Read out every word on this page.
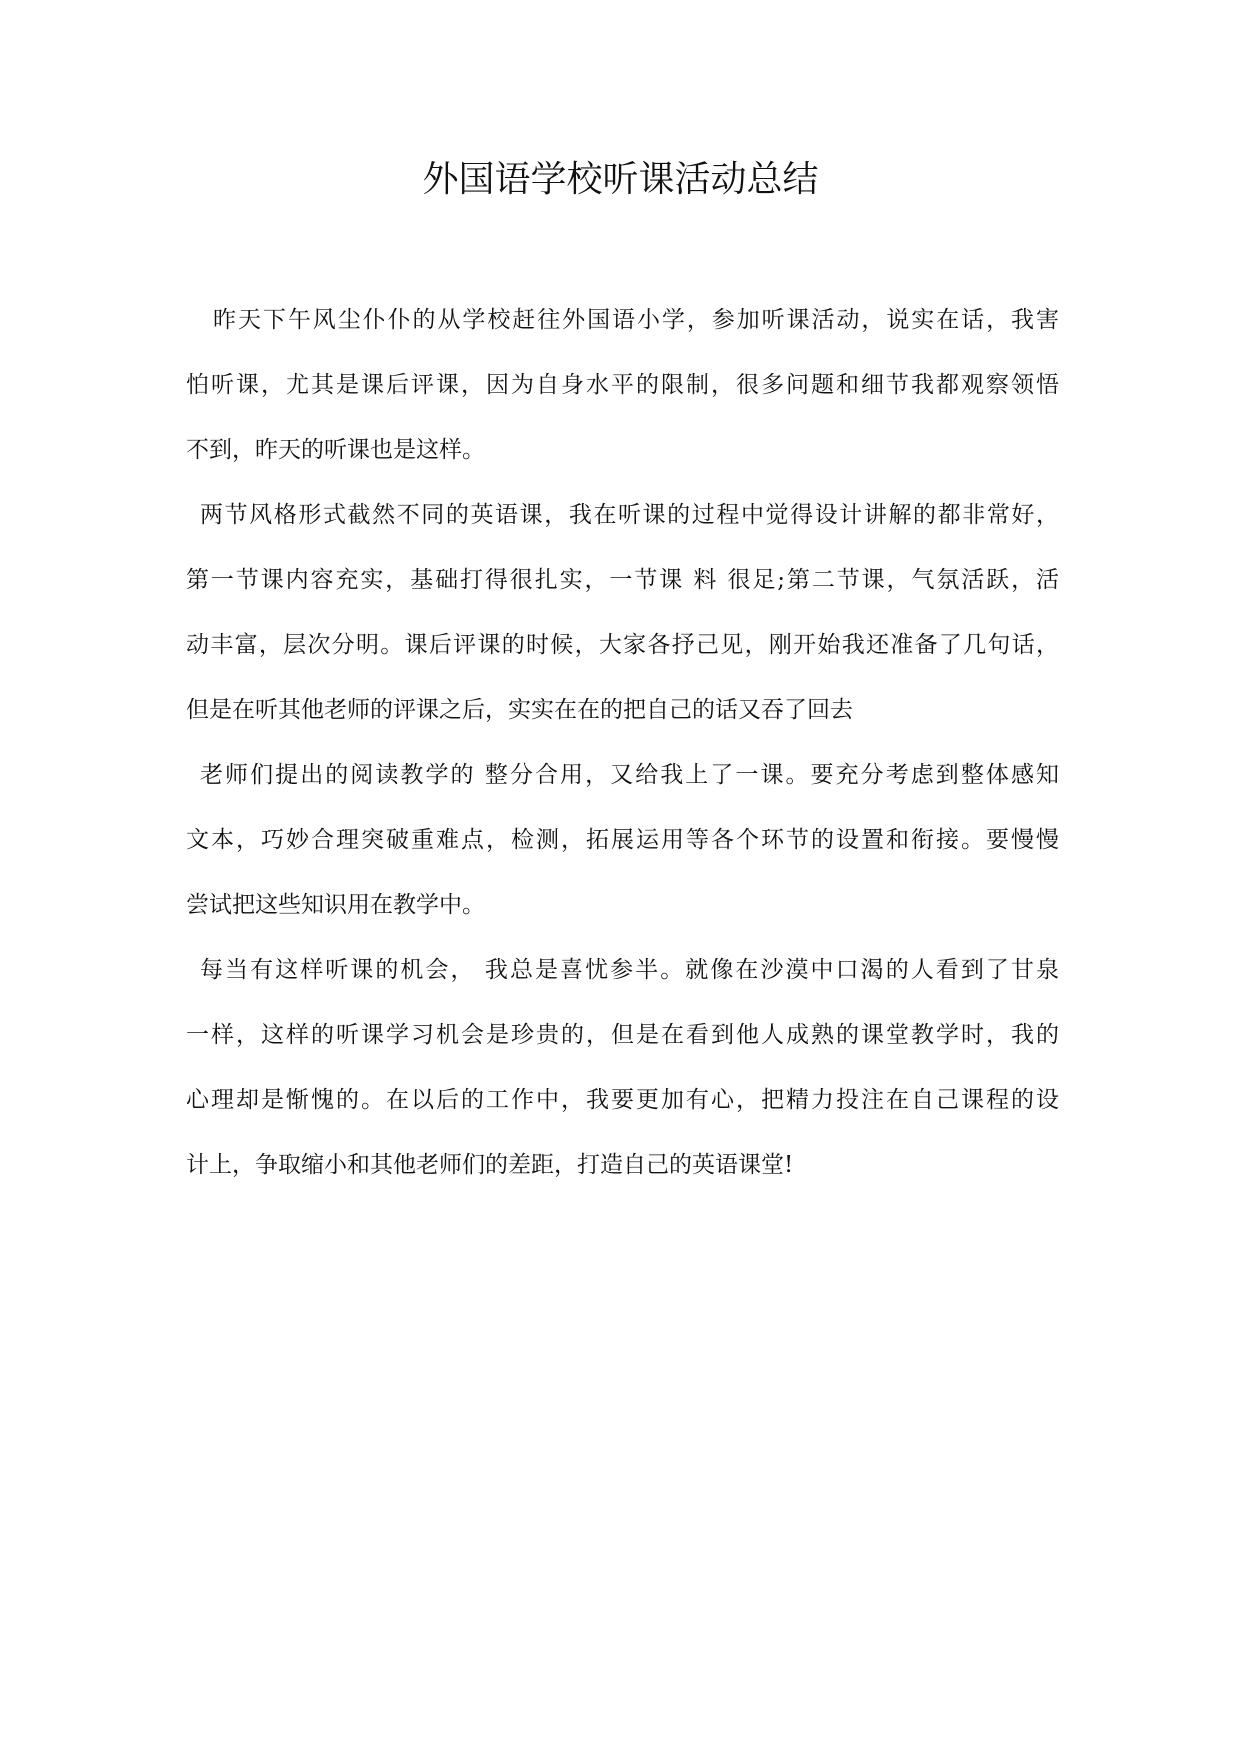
外国语学校听课活动总结
昨天下午风尘仆仆的从学校赶往外国语小学，参加听课活动，说实在话，我害
怕听课，尤其是课后评课，因为自身水平的限制，很多问题和细节我都观察领悟
不到，昨天的听课也是这样。
两节风格形式截然不同的英语课，我在听课的过程中觉得设计讲解的都非常好，
第一节课内容充实，基础打得很扎实，一节课 料 很足;第二节课，气氛活跃，活
动丰富，层次分明。课后评课的时候，大家各抒己见，刚开始我还准备了几句话，
但是在听其他老师的评课之后，实实在在的把自己的话又吞了回去
老师们提出的阅读教学的 整分合用，又给我上了一课。要充分考虑到整体感知
文本，巧妙合理突破重难点，检测，拓展运用等各个环节的设置和衔接。要慢慢
尝试把这些知识用在教学中。
每当有这样听课的机会， 我总是喜忧参半。就像在沙漠中口渴的人看到了甘泉
一样，这样的听课学习机会是珍贵的，但是在看到他人成熟的课堂教学时，我的
心理却是惭愧的。在以后的工作中，我要更加有心，把精力投注在自己课程的设
计上，争取缩小和其他老师们的差距，打造自己的英语课堂!
